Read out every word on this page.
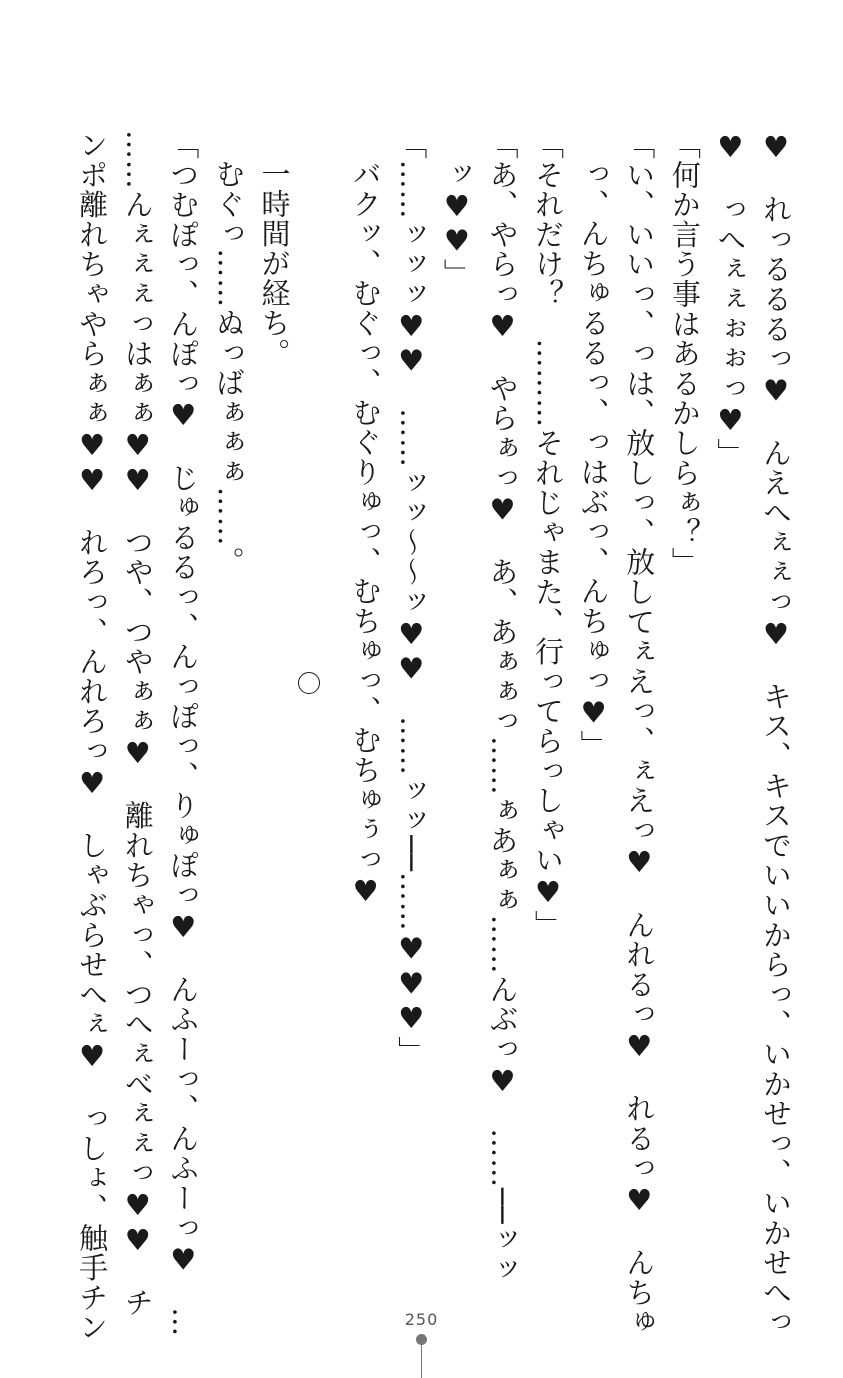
♥　れっるるるっ♥　んえへぇぇっ♥　キス、キスでいいからっ、いかせっ、いかせへっ
♥　っへぇぇぉぉっ♥」
「何か言う事はあるかしらぁ？」
「い、いいっ、っは、放しっ、放してぇえっ、ぇえっ♥　んれるっ♥　れるっ♥　んちゅ
っ、んちゅるるっ、っはぶっ、んちゅっ♥」
「それだけ？　………それじゃまた、行ってらっしゃい♥」
「あ、やらっ♥　やらぁっ♥　あ、あぁぁっ……ぁあぁぁ……んぶっ♥　……──ッッ
ッ♥♥」
「……ッッッ♥♥　……ッッ〜〜ッ♥♥　……ッッ──……♥♥♥」
バクッ、むぐっ、むぐりゅっ、むちゅっ、むちゅぅっ♥

一時間が経ち。
むぐっ……ぬっばぁぁぁ……。
「つむぽっ、んぽっ♥　じゅるるっ、んっぽっ、りゅぽっ♥　んふーっ、んふーっ♥　…
……んぇぇぇっはぁぁ♥♥　つや、つやぁぁ♥　離れちゃっ、つへぇべぇぇっ♥♥　チ
ンポ離れちゃやらぁぁ♥♥　れろっ、んれろっ♥　しゃぶらせへぇ♥　っしょ、触手チン	250
